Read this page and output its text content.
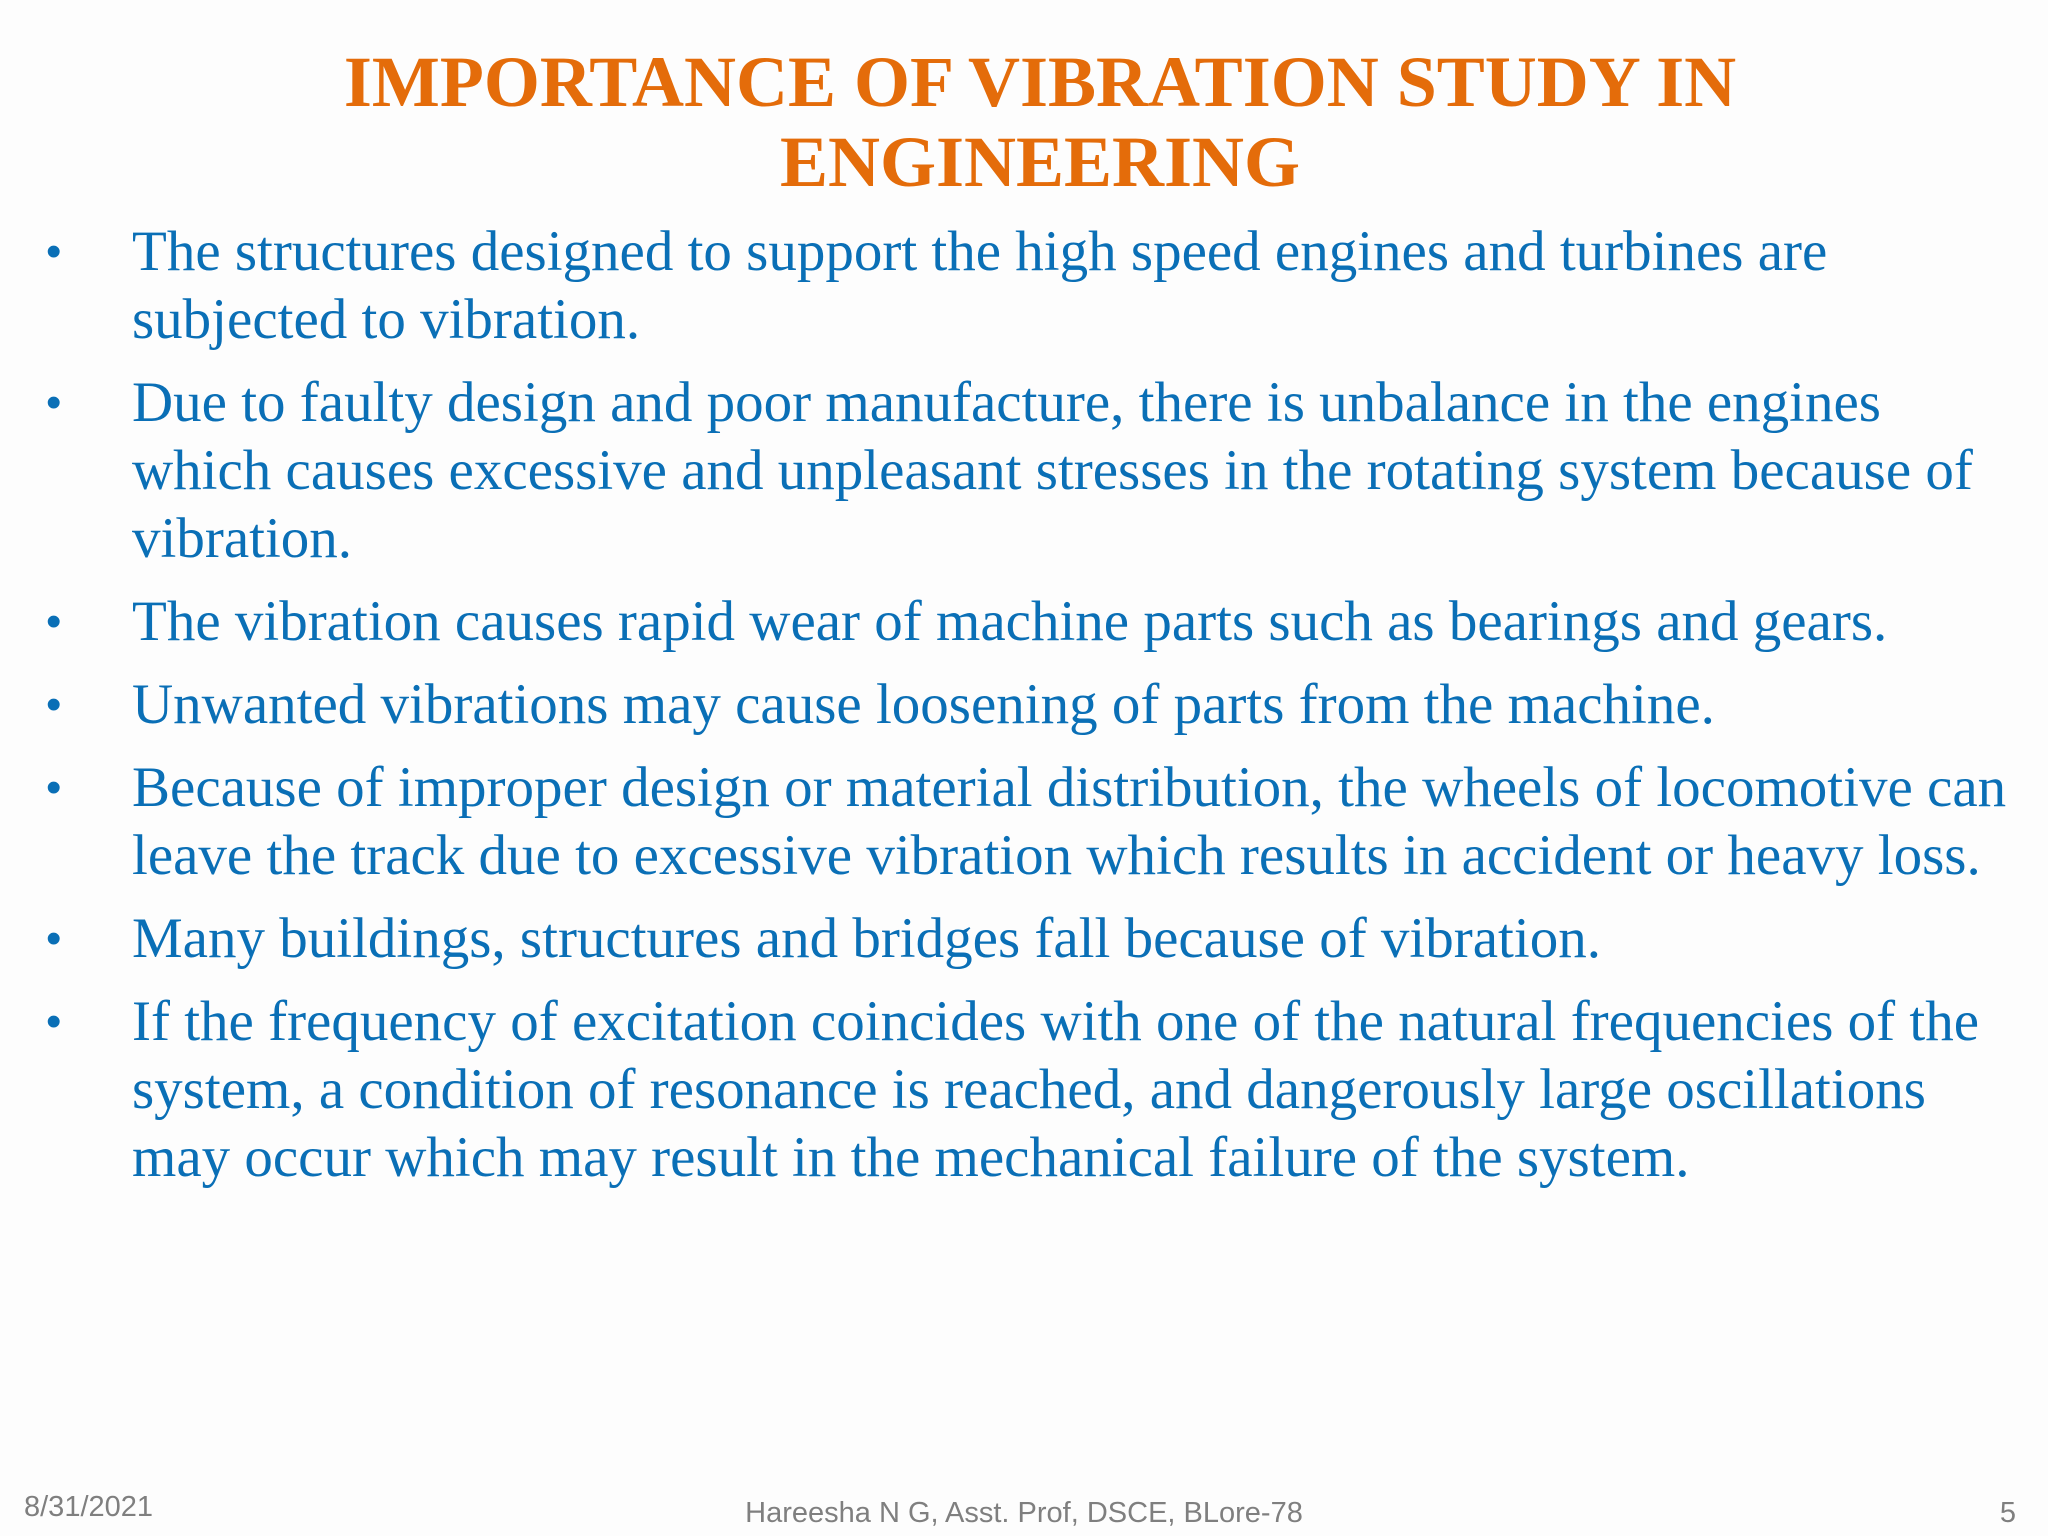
IMPORTANCE OF VIBRATION STUDY IN
ENGINEERING
•	The structures designed to support the high speed engines and turbines are subjected to vibration.
•	Due to faulty design and poor manufacture, there is unbalance in the engines which causes excessive and unpleasant stresses in the rotating system because of vibration.
•	The vibration causes rapid wear of machine parts such as bearings and gears.
•	Unwanted vibrations may cause loosening of parts from the machine.
•	Because of improper design or material distribution, the wheels of locomotive can leave the track due to excessive vibration which results in accident or heavy loss.
•	Many buildings, structures and bridges fall because of vibration.
•	If the frequency of excitation coincides with one of the natural frequencies of the system, a condition of resonance is reached, and dangerously large oscillations may occur which may result in the mechanical failure of the system.
8/31/2021	Hareesha N G, Asst. Prof, DSCE, BLore-78	5
